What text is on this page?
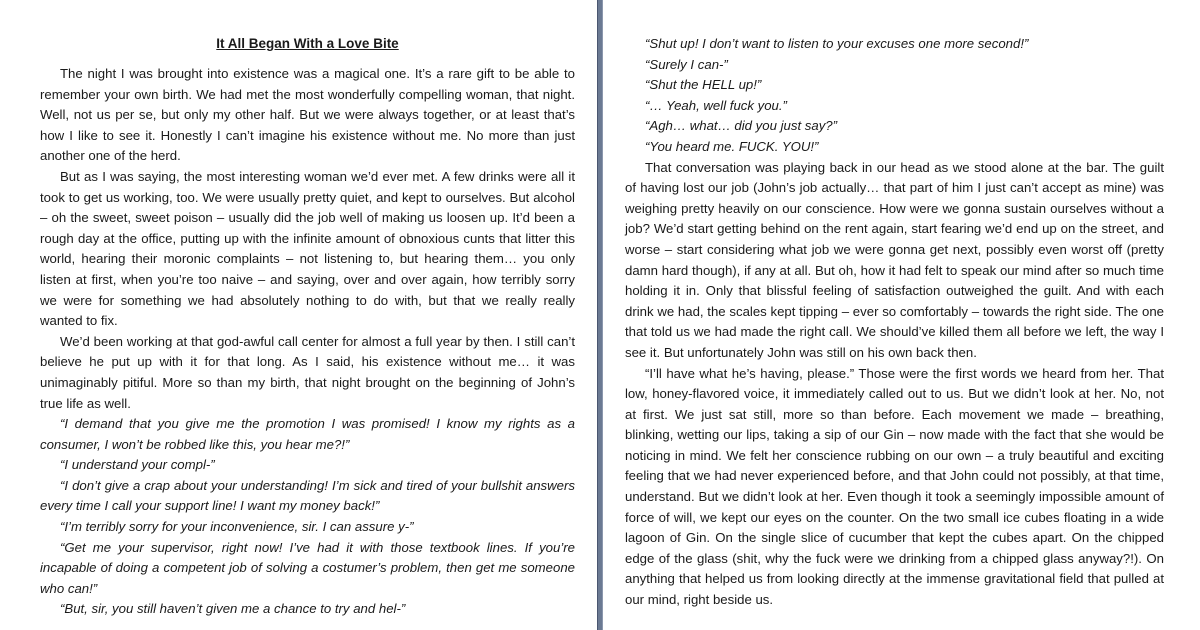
It All Began With a Love Bite

The night I was brought into existence was a magical one. It’s a rare gift to be able to remember your own birth. We had met the most wonderfully compelling woman, that night. Well, not us per se, but only my other half. But we were always together, or at least that’s how I like to see it. Honestly I can’t imagine his existence without me. No more than just another one of the herd.

But as I was saying, the most interesting woman we’d ever met. A few drinks were all it took to get us working, too. We were usually pretty quiet, and kept to ourselves. But alcohol – oh the sweet, sweet poison – usually did the job well of making us loosen up. It’d been a rough day at the office, putting up with the infinite amount of obnoxious cunts that litter this world, hearing their moronic complaints – not listening to, but hearing them… you only listen at first, when you’re too naive – and saying, over and over again, how terribly sorry we were for something we had absolutely nothing to do with, but that we really really wanted to fix.

We’d been working at that god-awful call center for almost a full year by then. I still can’t believe he put up with it for that long. As I said, his existence without me… it was unimaginably pitiful. More so than my birth, that night brought on the beginning of John’s true life as well.

“I demand that you give me the promotion I was promised! I know my rights as a consumer, I won’t be robbed like this, you hear me?!”

“I understand your compl-”

“I don’t give a crap about your understanding! I’m sick and tired of your bullshit answers every time I call your support line! I want my money back!”

“I’m terribly sorry for your inconvenience, sir. I can assure y-”

“Get me your supervisor, right now! I’ve had it with those textbook lines. If you’re incapable of doing a competent job of solving a costumer’s problem, then get me someone who can!”

“But, sir, you still haven’t given me a chance to try and hel-”

“Shut up! I don’t want to listen to your excuses one more second!”

“Surely I can-”

“Shut the HELL up!”

“… Yeah, well fuck you.”

“Agh… what… did you just say?”

“You heard me. FUCK. YOU!”

That conversation was playing back in our head as we stood alone at the bar. The guilt of having lost our job (John’s job actually… that part of him I just can’t accept as mine) was weighing pretty heavily on our conscience. How were we gonna sustain ourselves without a job? We’d start getting behind on the rent again, start fearing we’d end up on the street, and worse – start considering what job we were gonna get next, possibly even worst off (pretty damn hard though), if any at all. But oh, how it had felt to speak our mind after so much time holding it in. Only that blissful feeling of satisfaction outweighed the guilt. And with each drink we had, the scales kept tipping – ever so comfortably – towards the right side. The one that told us we had made the right call. We should’ve killed them all before we left, the way I see it. But unfortunately John was still on his own back then.

“I’ll have what he’s having, please.” Those were the first words we heard from her. That low, honey-flavored voice, it immediately called out to us. But we didn’t look at her. No, not at first. We just sat still, more so than before. Each movement we made – breathing, blinking, wetting our lips, taking a sip of our Gin – now made with the fact that she would be noticing in mind. We felt her conscience rubbing on our own – a truly beautiful and exciting feeling that we had never experienced before, and that John could not possibly, at that time, understand. But we didn’t look at her. Even though it took a seemingly impossible amount of force of will, we kept our eyes on the counter. On the two small ice cubes floating in a wide lagoon of Gin. On the single slice of cucumber that kept the cubes apart. On the chipped edge of the glass (shit, why the fuck were we drinking from a chipped glass anyway?!). On anything that helped us from looking directly at the immense gravitational field that pulled at our mind, right beside us.
